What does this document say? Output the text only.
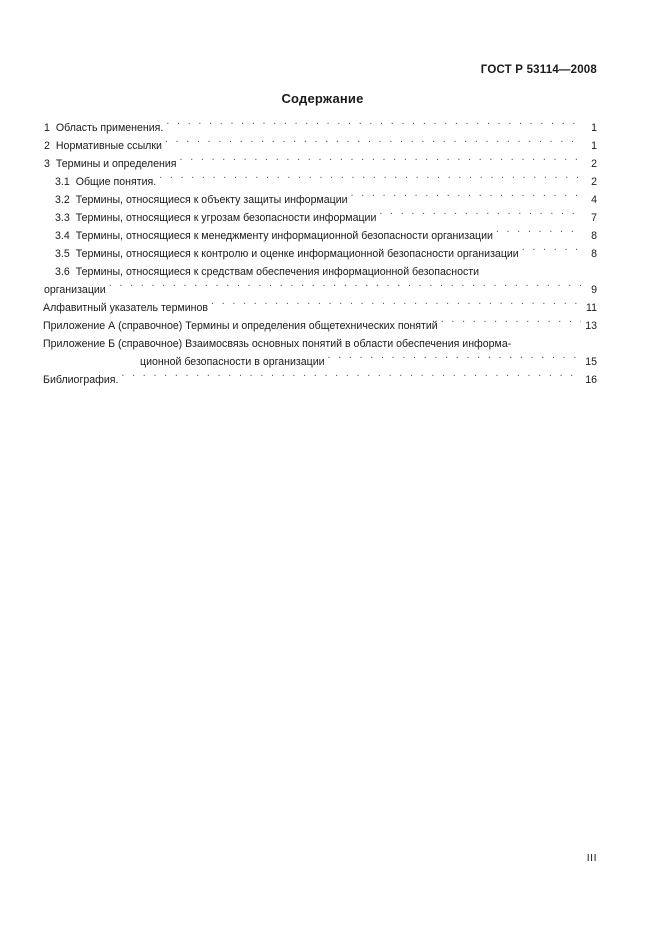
ГОСТ Р 53114—2008
Содержание
1 Область применения. . . .	1
2 Нормативные ссылки . . .	1
3 Термины и определения . . .	2
3.1 Общие понятия. . . .	2
3.2 Термины, относящиеся к объекту защиты информации . . .	4
3.3 Термины, относящиеся к угрозам безопасности информации . . .	7
3.4 Термины, относящиеся к менеджменту информационной безопасности организации . . .	8
3.5 Термины, относящиеся к контролю и оценке информационной безопасности организации . . .	8
3.6 Термины, относящиеся к средствам обеспечения информационной безопасности
организации . . .	9
Алфавитный указатель терминов . . .	11
Приложение А (справочное) Термины и определения общетехнических понятий . . .	13
Приложение Б (справочное) Взаимосвязь основных понятий в области обеспечения информа-
ционной безопасности в организации . . .	15
Библиография. . . .	16
III
